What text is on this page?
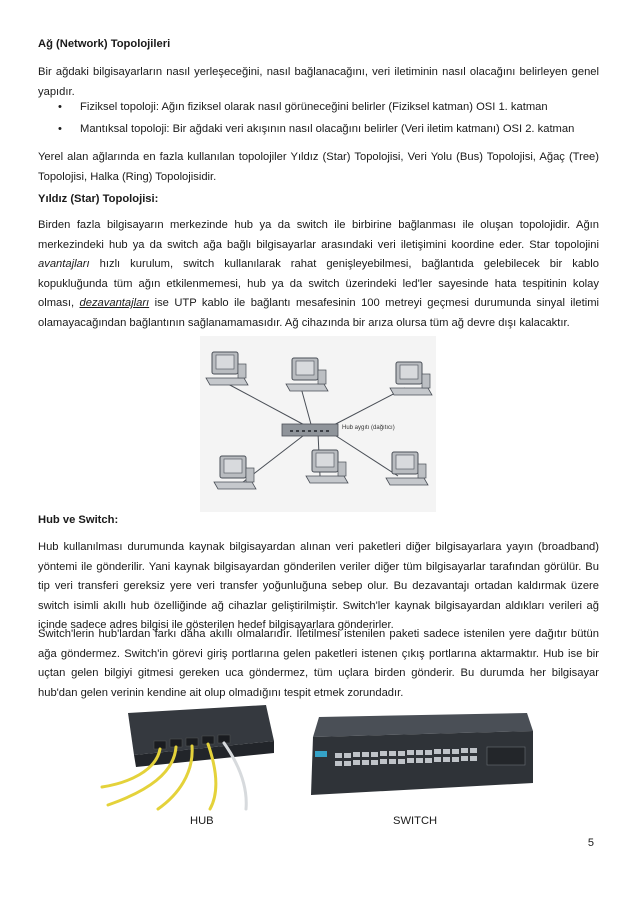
Ağ (Network) Topolojileri

Bir ağdaki bilgisayarların nasıl yerleşeceğini, nasıl bağlanacağını, veri iletiminin nasıl olacağını belirleyen genel yapıdır.

• Fiziksel topoloji: Ağın fiziksel olarak nasıl görüneceğini belirler (Fiziksel katman) OSI 1. katman
• Mantıksal topoloji: Bir ağdaki veri akışının nasıl olacağını belirler (Veri iletim katmanı) OSI 2. katman

Yerel alan ağlarında en fazla kullanılan topolojiler Yıldız (Star) Topolojisi, Veri Yolu (Bus) Topolojisi, Ağaç (Tree) Topolojisi, Halka (Ring) Topolojisidir.

Yıldız (Star) Topolojisi:

Birden fazla bilgisayarın merkezinde hub ya da switch ile birbirine bağlanması ile oluşan topolojidir. Ağın merkezindeki hub ya da switch ağa bağlı bilgisayarlar arasındaki veri iletişimini koordine eder. Star topolojini avantajları hızlı kurulum, switch kullanılarak rahat genişleyebilmesi, bağlantıda gelebilecek bir kablo kopukluğunda tüm ağın etkilenmemesi, hub ya da switch üzerindeki led'ler sayesinde hata tespitinin kolay olması, dezavantajları ise UTP kablo ile bağlantı mesafesinin 100 metreyi geçmesi durumunda sinyal iletimi olamayacağından bağlantının sağlanamamasıdır. Ağ cihazında bir arıza olursa tüm ağ devre dışı kalacaktır.

Hub aygıtı (dağıtıcı)
Hub ve Switch:

Hub kullanılması durumunda kaynak bilgisayardan alınan veri paketleri diğer bilgisayarlara yayın (broadband) yöntemi ile gönderilir. Yani kaynak bilgisayardan gönderilen veriler diğer tüm bilgisayarlar tarafından görülür. Bu tip veri transferi gereksiz yere veri transfer yoğunluğuna sebep olur. Bu dezavantajı ortadan kaldırmak üzere switch isimli akıllı hub özelliğinde ağ cihazlar geliştirilmiştir. Switch'ler kaynak bilgisayardan aldıkları verileri ağ içinde sadece adres bilgisi ile gösterilen hedef bilgisayarlara gönderirler.

Switch'lerin hub'lardan farkı daha akıllı olmalarıdır. İletilmesi istenilen paketi sadece istenilen yere dağıtır bütün ağa göndermez. Switch'in görevi giriş portlarına gelen paketleri istenen çıkış portlarına aktarmaktır. Hub ise bir uçtan gelen bilgiyi gitmesi gereken uca göndermez, tüm uçlara birden gönderir. Bu durumda her bilgisayar hub'dan gelen verinin kendine ait olup olmadığını tespit etmek zorundadır.

HUB	SWITCH
5
